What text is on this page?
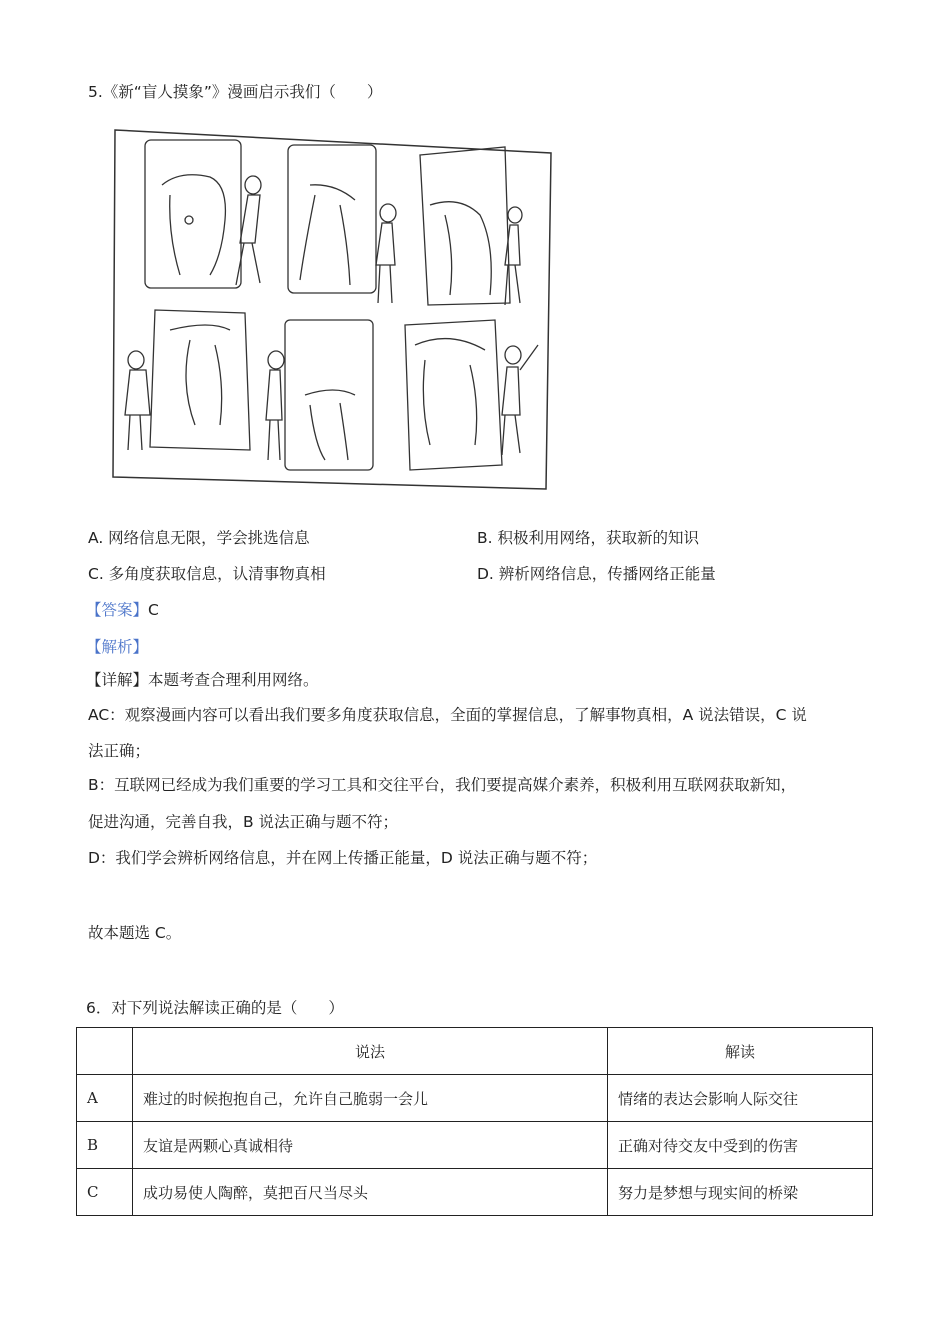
5.《新“盲人摸象”》漫画启示我们（　　）
A. 网络信息无限，学会挑选信息	B. 积极利用网络，获取新的知识
C. 多角度获取信息，认清事物真相	D. 辨析网络信息，传播网络正能量
【答案】C
【解析】
【详解】本题考查合理利用网络。
AC：观察漫画内容可以看出我们要多角度获取信息，全面的掌握信息，了解事物真相，A 说法错误，C 说
法正确；
B：互联网已经成为我们重要的学习工具和交往平台，我们要提高媒介素养，积极利用互联网获取新知，
促进沟通，完善自我，B 说法正确与题不符；
D：我们学会辨析网络信息，并在网上传播正能量，D 说法正确与题不符；
故本题选 C。
6．对下列说法解读正确的是（　　）
	说法	解读
A	难过的时候抱抱自己，允许自己脆弱一会儿	情绪的表达会影响人际交往
B	友谊是两颗心真诚相待	正确对待交友中受到的伤害
C	成功易使人陶醉，莫把百尺当尽头	努力是梦想与现实间的桥梁
